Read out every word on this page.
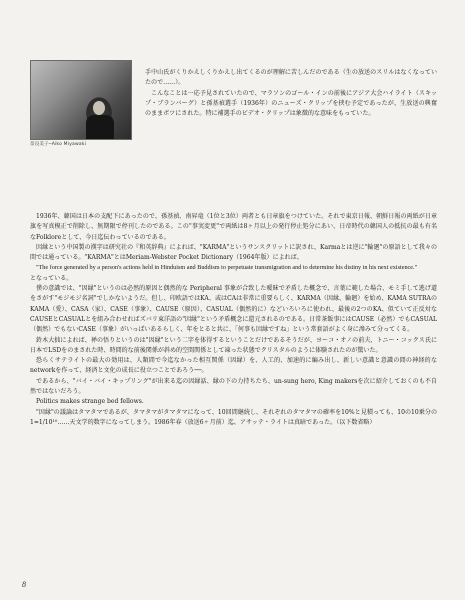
奈良美子─Aiko Miyawaki

手中山氏がくりかえしくりかえし出てくるのが理解に苦しんだのである（生の放送のスリルはなくなっていたので……）。

こんなことは一応予見されていたので、マラソンのゴール・インの前後にアジア大会ハイライト（スキップ・ブランバーグ）と孫基禎選手（1936年）のニューズ・クリップを挟む予定であったが、生放送の興奮のままボツにされた。特に補選手のビデオ・クリップは象徴的な意味をもっていた。

1936年、韓国は日本の支配下にあったので、孫基禎、南昇竜（1位と3位）両者とも日章旗をつけていた。それで東京日報、朝鮮日報の両紙が日章旗を写真模正で削除し、無期限で停刊したのである。この"事実変更"で両紙は8ヶ月以上の発行停止処分にあい、日帝時代の韓国人の抵抗の最も有名なFolkloreとして、今日迄伝わっているのである。

因縁という中国製の漢字は研究社の『和英辞典』によれば、"KARMA"というサンスクリットに訳され、Karmaとは逆に"輪廻"の原語として我々の間では通っている。"KARMA"とはMeriam-Webster Pocket Dictionary（1964年版）によれば、

"The force generated by a person's actions held in Hinduism and Buddism to perpetuate transmigration and to determine his distiny in his next existence."

となっている。

僕の意識では、"因縁"というのは必然的原因と偶然的な Peripheral 事象が合致した曖昧で矛盾した概念で、言葉に範した場合、モミ手して逃げ道をさがす"モジモジ名詞"でしかないようだ。但し、印欧語ではKA、或はCAは非常に重要らしく、KARMA（因縁、輪廻）を始め、KAMA SUTRAのKAMA（愛）、CASA（家）、CASE（事象）、CAUSE（原因）、CASUAL（偶然的に）などいろいろに使われ、最後の2つのKA、似ていて正反対なCAUSEとCASUALとを組み合わせればズバリ東洋語の"因縁"という矛盾概念に還元されるのである。日常茶飯事にはCAUSE（必然）でもCASUAL（偶然）でもないCASE（事象）がいっぱいあるらしく、年をとると共に、「何事も因縁ですね」という常套語がよく身に滲みて分ってくる。

鈴木大拙によれば、禅の悟りというのは"因縁"という二字を体得するということだけであるそうだが、ヨーコ・オノの前夫、トニー・コックス氏に日本でLSDをのまされた時、時間的な前後関係が斜め的空間関係として凍った状態でクリスタルのように体験されたのが驚いた。

恐らくサテライトの最大の効用は、人類間で今迄なかった相互関係（因縁）を、人工的、加速的に編み出し、新しい意識と意識の間の神経的なnetworkを作って、経済と文化の成長に役立つことであろう──。

であるから、"バイ・バイ・キップリング"が出来る迄の因縁話、縁の下の力持ちたち、un-sung hero, King makersを次に紹介しておくのも不自然ではないだろう。

Politics makes strange bed fellows.

"因縁"の議論はタマタマであるが、タマタマがタマタマになって、10回間継続し、それぞれのタマタマの確率を10%と見積っても、10の10乗分の1=1/10¹⁰……天文学的数字になってしまう。1986年春（放送6ヶ月前）迄、アサッテ・ライトは真暗であった。（以下数省略）

8
